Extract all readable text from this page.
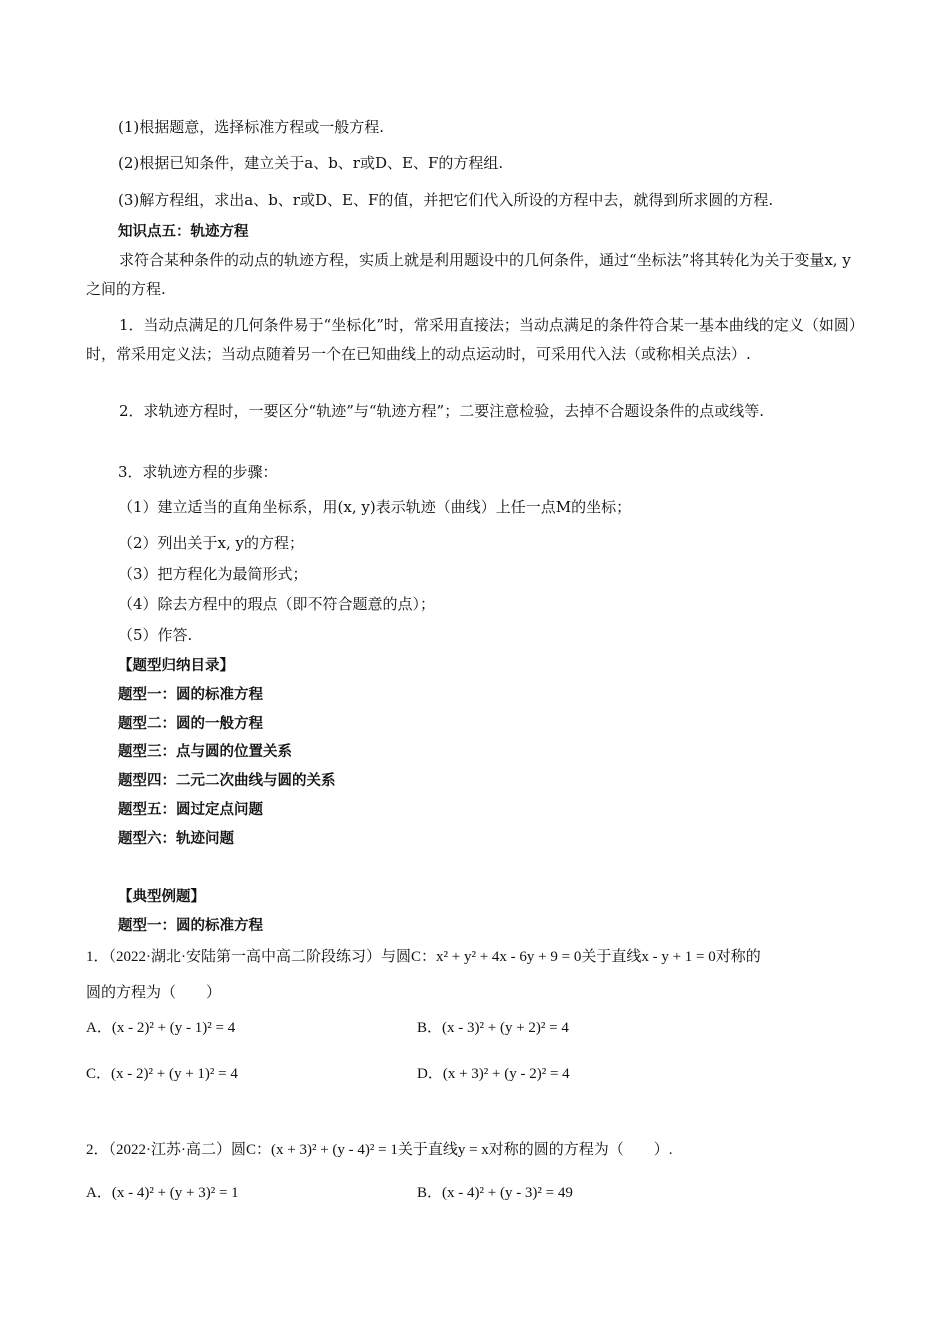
(1)根据题意，选择标准方程或一般方程.
(2)根据已知条件，建立关于a、b、r或D、E、F的方程组.
(3)解方程组，求出a、b、r或D、E、F的值，并把它们代入所设的方程中去，就得到所求圆的方程.
知识点五：轨迹方程

求符合某种条件的动点的轨迹方程，实质上就是利用题设中的几何条件，通过“坐标法”将其转化为关于变量x, y之间的方程.

1．当动点满足的几何条件易于“坐标化”时，常采用直接法；当动点满足的条件符合某一基本曲线的定义（如圆）时，常采用定义法；当动点随着另一个在已知曲线上的动点运动时，可采用代入法（或称相关点法）.

2．求轨迹方程时，一要区分“轨迹”与“轨迹方程”；二要注意检验，去掉不合题设条件的点或线等.

3．求轨迹方程的步骤：
（1）建立适当的直角坐标系，用(x, y)表示轨迹（曲线）上任一点M的坐标；
（2）列出关于x, y的方程；
（3）把方程化为最简形式；
（4）除去方程中的瑕点（即不符合题意的点）；
（5）作答.
【题型归纳目录】
题型一：圆的标准方程
题型二：圆的一般方程
题型三：点与圆的位置关系
题型四：二元二次曲线与圆的关系
题型五：圆过定点问题
题型六：轨迹问题
【典型例题】
题型一：圆的标准方程
1．（2022·湖北·安陆第一高中高二阶段练习）与圆C：x² + y² + 4x - 6y + 9 = 0关于直线x - y + 1 = 0对称的
圆的方程为（　　）
A．(x - 2)² + (y - 1)² = 4	B．(x - 3)² + (y + 2)² = 4
C．(x - 2)² + (y + 1)² = 4	D．(x + 3)² + (y - 2)² = 4
2．（2022·江苏·高二）圆C：(x + 3)² + (y - 4)² = 1关于直线y = x对称的圆的方程为（　　）.
A．(x - 4)² + (y + 3)² = 1	B．(x - 4)² + (y - 3)² = 49
